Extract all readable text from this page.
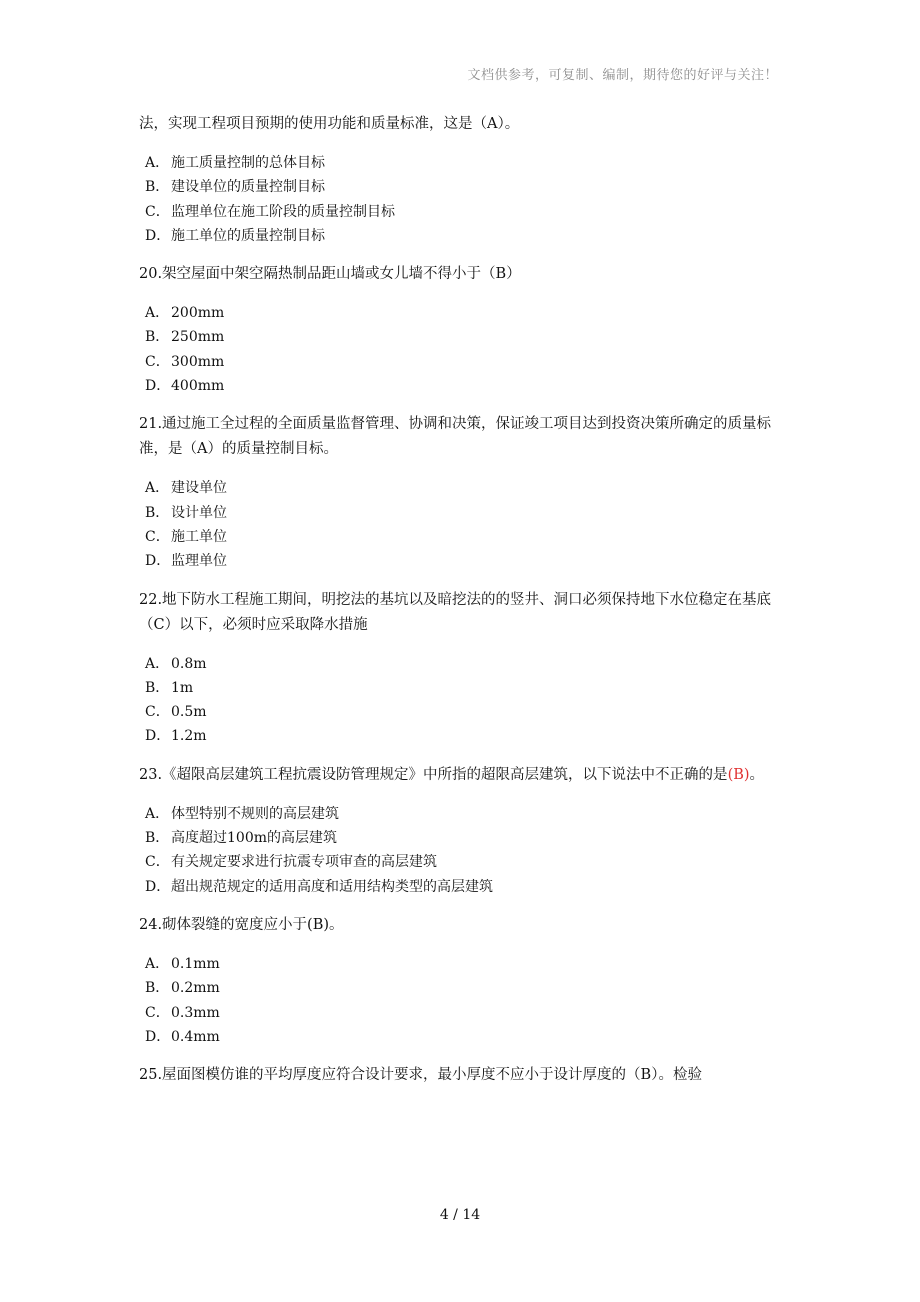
文档供参考，可复制、编制，期待您的好评与关注！

法，实现工程项目预期的使用功能和质量标准，这是（A）。

A． 施工质量控制的总体目标
B． 建设单位的质量控制目标
C．监理单位在施工阶段的质量控制目标
D．施工单位的质量控制目标

20.架空屋面中架空隔热制品距山墙或女儿墙不得小于（B）

A． 200mm
B． 250mm
C．300mm
D．400mm

21.通过施工全过程的全面质量监督管理、协调和决策，保证竣工项目达到投资决策所确定的质量标准，是（A）的质量控制目标。

A． 建设单位
B． 设计单位
C．施工单位
D．监理单位

22.地下防水工程施工期间，明挖法的基坑以及暗挖法的的竖井、洞口必须保持地下水位稳定在基底（C）以下，必须时应采取降水措施

A． 0.8m
B． 1m
C．0.5m
D．1.2m

23.《超限高层建筑工程抗震设防管理规定》中所指的超限高层建筑，以下说法中不正确的是(B)。

A． 体型特别不规则的高层建筑
B． 高度超过100m的高层建筑
C．有关规定要求进行抗震专项审查的高层建筑
D．超出规范规定的适用高度和适用结构类型的高层建筑

24.砌体裂缝的宽度应小于(B)。

A． 0.1mm
B． 0.2mm
C．0.3mm
D．0.4mm

25.屋面图模仿谁的平均厚度应符合设计要求，最小厚度不应小于设计厚度的（B）。检验

4 / 14
